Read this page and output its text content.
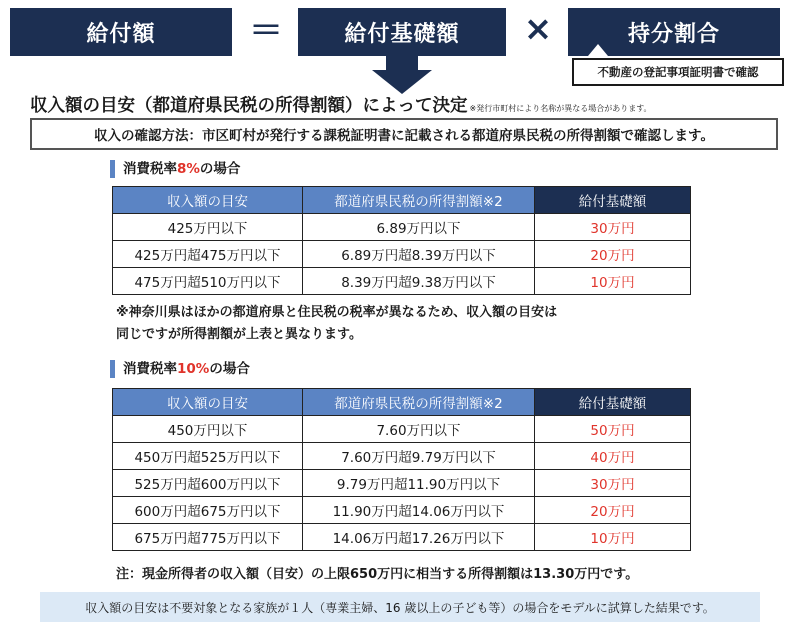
給付額	＝	給付基礎額	×	持分割合
不動産の登記事項証明書で確認
収入額の目安（都道府県民税の所得割額）によって決定 ※発行市町村により名称が異なる場合があります。
収入の確認方法：市区町村が発行する課税証明書に記載される都道府県民税の所得割額で確認します。
消費税率8%の場合
収入額の目安	都道府県民税の所得割額※2	給付基礎額
425万円以下	6.89万円以下	30万円
425万円超475万円以下	6.89万円超8.39万円以下	20万円
475万円超510万円以下	8.39万円超9.38万円以下	10万円
※神奈川県はほかの都道府県と住民税の税率が異なるため、収入額の目安は
同じですが所得割額が上表と異なります。
消費税率10%の場合
収入額の目安	都道府県民税の所得割額※2	給付基礎額
450万円以下	7.60万円以下	50万円
450万円超525万円以下	7.60万円超9.79万円以下	40万円
525万円超600万円以下	9.79万円超11.90万円以下	30万円
600万円超675万円以下	11.90万円超14.06万円以下	20万円
675万円超775万円以下	14.06万円超17.26万円以下	10万円
注：現金所得者の収入額（目安）の上限650万円に相当する所得割額は13.30万円です。
収入額の目安は不要対象となる家族が１人（専業主婦、16 歳以上の子ども等）の場合をモデルに試算した結果です。
